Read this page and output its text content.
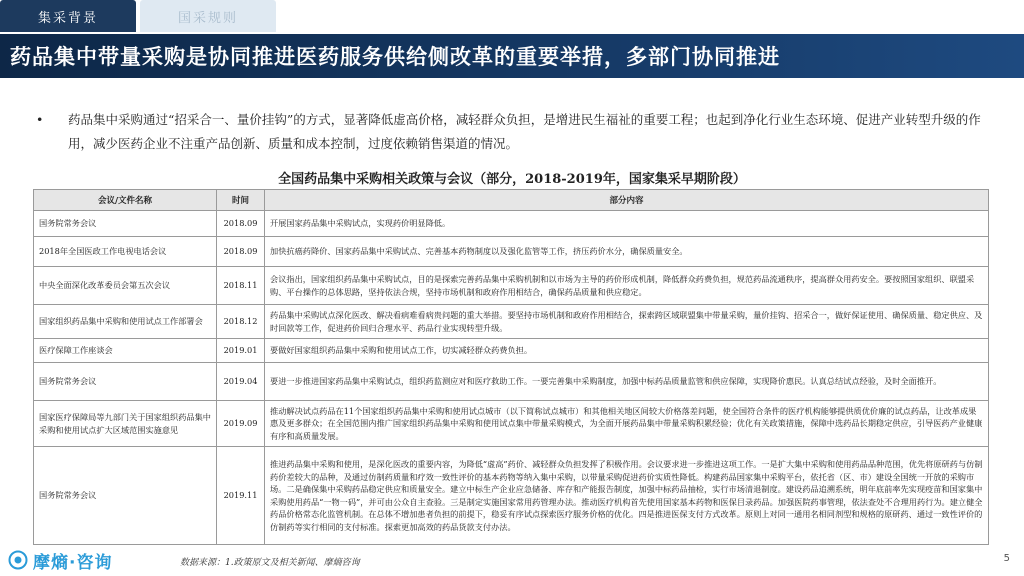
集采背景	国采规则
药品集中带量采购是协同推进医药服务供给侧改革的重要举措，多部门协同推进
•	药品集中采购通过“招采合一、量价挂钩”的方式，显著降低虚高价格，减轻群众负担，是增进民生福祉的重要工程；也起到净化行业生态环境、促进产业转型升级的作用，减少医药企业不注重产品创新、质量和成本控制，过度依赖销售渠道的情况。
全国药品集中采购相关政策与会议（部分，2018-2019年，国家集采早期阶段）
会议/文件名称	时间	部分内容
国务院常务会议	2018.09	开展国家药品集中采购试点，实现药价明显降低。
2018年全国医政工作电视电话会议	2018.09	加快抗癌药降价、国家药品集中采购试点、完善基本药物制度以及强化监管等工作，挤压药价水分，确保质量安全。
中央全面深化改革委员会第五次会议	2018.11	会议指出，国家组织药品集中采购试点，目的是探索完善药品集中采购机制和以市场为主导的药价形成机制，降低群众药费负担，规范药品流通秩序，提高群众用药安全。要按照国家组织、联盟采购、平台操作的总体思路，坚持依法合规，坚持市场机制和政府作用相结合，确保药品质量和供应稳定。
国家组织药品集中采购和使用试点工作部署会	2018.12	药品集中采购试点深化医改、解决看病难看病贵问题的重大举措。要坚持市场机制和政府作用相结合，探索跨区域联盟集中带量采购，量价挂钩、招采合一，做好保证使用、确保质量、稳定供应、及时回款等工作，促进药价回归合理水平、药品行业实现转型升级。
医疗保障工作座谈会	2019.01	要做好国家组织药品集中采购和使用试点工作，切实减轻群众药费负担。
国务院常务会议	2019.04	要进一步推进国家药品集中采购试点，组织药监测应对和医疗救助工作。一要完善集中采购制度，加强中标药品质量监管和供应保障，实现降价惠民。认真总结试点经验，及时全面推开。
国家医疗保障局等九部门关于国家组织药品集中采购和使用试点扩大区域范围实施意见	2019.09	推动解决试点药品在11个国家组织药品集中采购和使用试点城市（以下简称试点城市）和其他相关地区间较大价格落差问题，使全国符合条件的医疗机构能够提供质优价廉的试点药品，让改革成果惠及更多群众；在全国范围内推广国家组织药品集中采购和使用试点集中带量采购模式，为全面开展药品集中带量采购积累经验；优化有关政策措施，保障中选药品长期稳定供应，引导医药产业健康有序和高质量发展。
国务院常务会议	2019.11	推进药品集中采购和使用，是深化医改的重要内容，为降低“虚高”药价、减轻群众负担发挥了积极作用。会议要求进一步推进这项工作。一是扩大集中采购和使用药品品种范围，优先将原研药与仿制药价差较大的品种，及通过仿制药质量和疗效一致性评价的基本药物等纳入集中采购，以带量采购促进药价实质性降低。构建药品国家集中采购平台，依托省（区、市）建设全国统一开放的采购市场。二是确保集中采购药品稳定供应和质量安全。建立中标生产企业应急储备、库存和产能报告制度，加强中标药品抽检，实行市场清退制度。建设药品追溯系统，明年底前率先实现疫苗和国家集中采购使用药品“一物一码”，并可由公众自主查验。三是制定实施国家常用药管理办法。推动医疗机构首先使用国家基本药物和医保目录药品。加强医院药事管理，依法查处不合理用药行为。建立健全药品价格常态化监管机制。在总体不增加患者负担的前提下，稳妥有序试点探索医疗服务价格的优化。四是推进医保支付方式改革。原则上对同一通用名相同剂型和规格的原研药、通过一致性评价的仿制药等实行相同的支付标准。探索更加高效的药品货款支付办法。
摩熵·咨询	数据来源：1.政策原文及相关新闻、摩熵咨询	5
